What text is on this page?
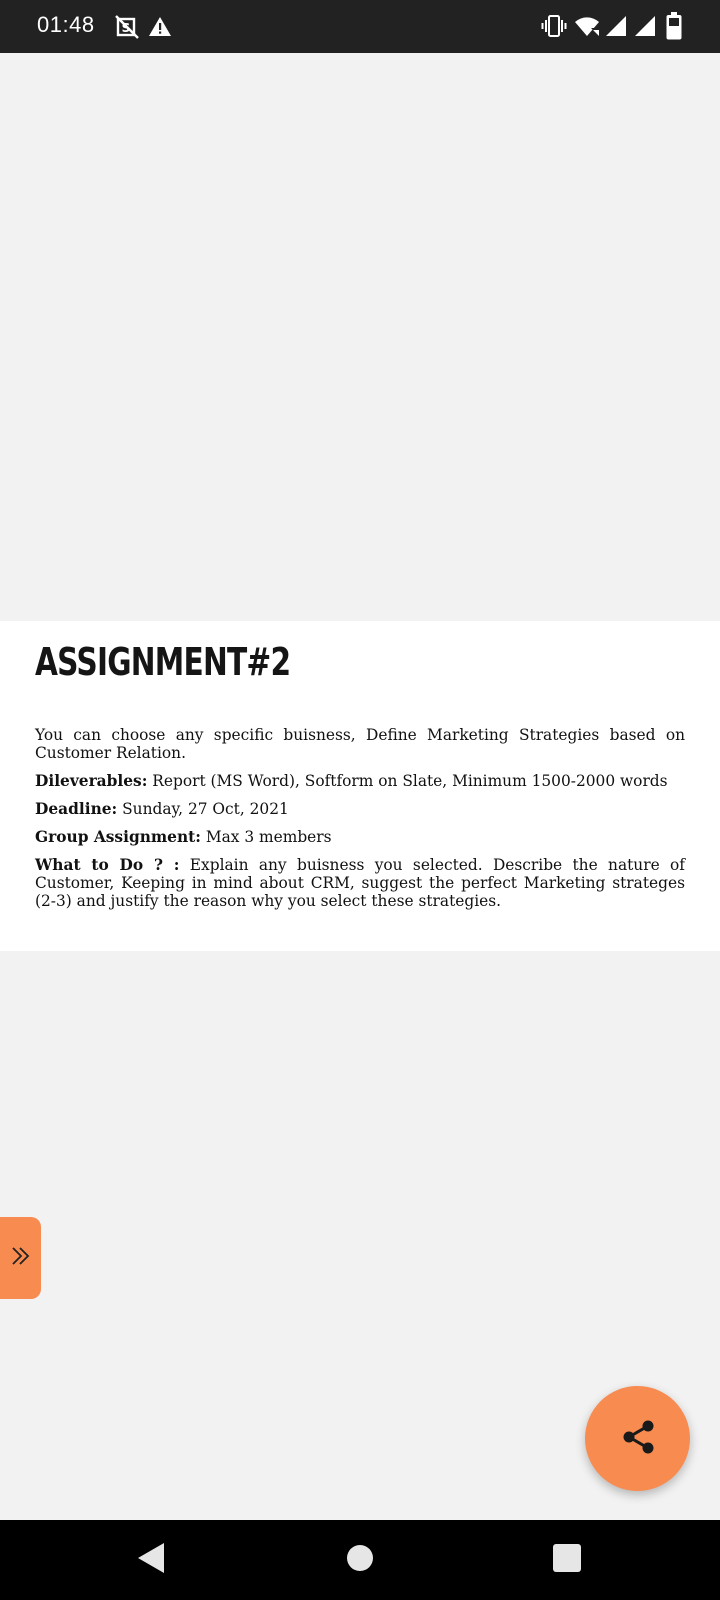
01:48 S
ASSIGNMENT#2

You can choose any specific buisness, Define Marketing Strategies based on Customer Relation.

Dileverables: Report (MS Word), Softform on Slate, Minimum 1500-2000 words

Deadline: Sunday, 27 Oct, 2021

Group Assignment: Max 3 members

What to Do ? : Explain any buisness you selected. Describe the nature of Customer, Keeping in mind about CRM, suggest the perfect Marketing strateges (2-3) and justify the reason why you select these strategies.
